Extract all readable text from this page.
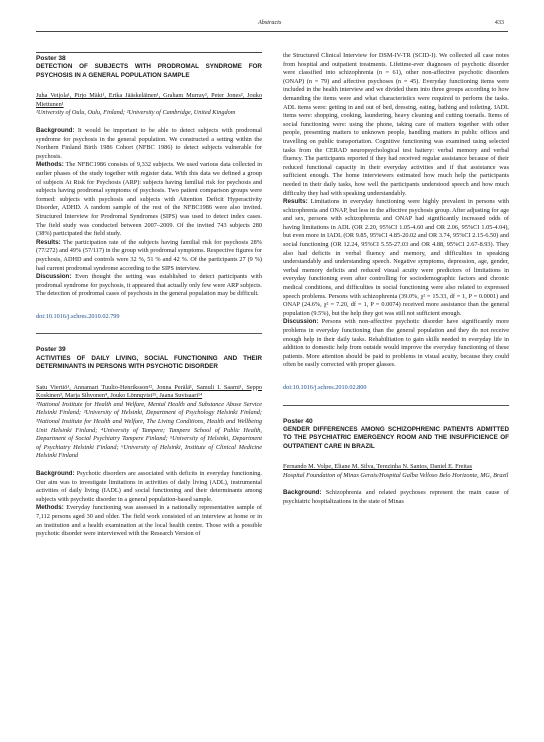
Abstracts	433

Poster 38

DETECTION OF SUBJECTS WITH PRODROMAL SYNDROME FOR PSYCHOSIS IN A GENERAL POPULATION SAMPLE

Juha Veijola¹, Pirjo Mäki¹, Erika Jääskeläinen¹, Graham Murray², Peter Jones², Jouko Miettunen¹

¹University of Oulu, Oulu, Finland; ²University of Cambridge, United Kingdom

Background: It would be important to be able to detect subjects with prodromal syndrome for psychosis in the general population. We constructed a setting within the Northern Finland Birth 1986 Cohort (NFBC 1986) to detect subjects vulnerable for psychosis.

Methods: The NFBC1986 consists of 9,332 subjects. We used various data collected in earlier phases of the study together with register data. With this data we defined a group of subjects At Risk for Psychosis (ARP): subjects having familial risk for psychosis and subjects having prodromal symptoms of psychosis. Two patient comparison groups were formed: subjects with psychosis and subjects with Attention Deficit Hyperactivity Disorder, ADHD. A random sample of the rest of the NFBC1986 were also invited. Structured Interview for Prodromal Syndromes (SIPS) was used to detect index cases. The field study was conducted between 2007–2009. Of the invited 743 subjects 280 (38%) participated the field study.

Results: The participation rate of the subjects having familial risk for psychosis 28% (77/272) and 49% (57/117) in the group with prodromal symptoms. Respective figures for psychosis, ADHD and controls were 32 %, 51 % and 42 %. Of the participants 27 (9 %) had current prodromal syndrome according to the SIPS interview.

Discussion: Even thought the setting was established to detect participants with prodromal syndrome for psychosis, it appeared that actually only few were ARP subjects. The detection of prodromal cases of psychosis in the general population may be difficult.

doi:10.1016/j.schres.2010.02.799

Poster 39

ACTIVITIES OF DAILY LIVING, SOCIAL FUNCTIONING AND THEIR DETERMINANTS IN PERSONS WITH PSYCHOTIC DISORDER

Satu Viertiö¹, Annamari Tuulio-Henriksson¹², Jonna Perälä¹, Samuli I. Saarni¹, Seppo Koskinen³, Marja Sihvonen⁴, Jouko Lönnqvist¹⁵, Jaana Suvisaari¹⁴

¹National Institute for Health and Welfare, Mental Health and Substance Abuse Service Helsinki Finland; ²University of Helsinki, Department of Psychology Helsinki Finland; ³National Institute for Health and Welfare, The Living Conditions, Health and Wellbeing Unit Helsinki Finland; ⁴University of Tampere; Tampere School of Public Health, Department of Social Psychiatry Tampere Finland; ⁵University of Helsinki, Department of Psychiatry Helsinki Finland; ⁶University of Helsinki, Institute of Clinical Medicine Helsinki Finland

Background: Psychotic disorders are associated with deficits in everyday functioning. Our aim was to investigate limitations in activities of daily living (ADL), instrumental activities of daily living (IADL) and social functioning and their determinants among subjects with psychotic disorder in a general population-based sample.

Methods: Everyday functioning was assessed in a nationally representative sample of 7,112 persons aged 30 and older. The field work consisted of an interview at home or in an institution and a health examination at the local health centre. Those with a possible psychotic disorder were interviewed with the Research Version of

the Structured Clinical Interview for DSM-IV-TR (SCID-I). We collected all case notes from hospital and outpatient treatments. Lifetime-ever diagnoses of psychotic disorder were classified into schizophrenia (n = 61), other non-affective psychotic disorders (ONAP) (n = 79) and affective psychoses (n = 45). Everyday functioning items were included in the health interview and we divided them into three groups according to how demanding the items were and what characteristics were required to perform the tasks. ADL items were: getting in and out of bed, dressing, eating, bathing and toileting. IADL items were: shopping, cooking, laundering, heavy cleaning and cutting toenails. Items of social functioning were: using the phone, taking care of matters together with other people, presenting matters to unknown people, handling matters in public offices and travelling on public transportation. Cognitive functioning was examined using selected tasks from the CERAD neuropsychological test battery: verbal memory and verbal fluency. The participants reported if they had received regular assistance because of their reduced functional capacity in their everyday activities and if that assistance was sufficient enough. The home interviewers estimated how much help the participants needed in their daily tasks, how well the participants understood speech and how much difficulty they had with speaking understandably.

Results: Limitations in everyday functioning were highly prevalent in persons with schizophrenia and ONAP, but less in the affective psychosis group. After adjusting for age and sex, persons with schizophrenia and ONAP had significantly increased odds of having limitations in ADL (OR 2.20, 95%CI 1.05-4.60 and OR 2.06, 95%CI 1.05-4.04), but even more in IADL (OR 9.85, 95%CI 4.85-20.02 and OR 3.74, 95%CI 2.15-6.50) and social functioning (OR 12.24, 95%CI 5.55-27.03 and OR 4.88, 95%CI 2.67-8.93). They also had deficits in verbal fluency and memory, and difficulties in speaking understandably and understanding speech. Negative symptoms, depression, age, gender, verbal memory deficits and reduced visual acuity were predictors of limitations in everyday functioning even after controlling for sociodemographic factors and chronic medical conditions, and difficulties in social functioning were also related to expressed speech problems. Persons with schizophrenia (39.0%, χ² = 15.33, df = 1, P = 0.0001) and ONAP (24.6%, χ² = 7.20, df = 1, P = 0.0074) received more assistance than the general population (9.5%), but the help they got was still not sufficient enough.

Discussion: Persons with non-affective psychotic disorder have significantly more problems in everyday functioning than the general population and they do not receive enough help in their daily tasks. Rehabilitation to gain skills needed in everyday life in addition to domestic help from outside would improve the everyday functioning of these patients. More attention should be paid to problems in visual acuity, because they could often be easily corrected with proper glasses.

doi:10.1016/j.schres.2010.02.800

Poster 40

GENDER DIFFERENCES AMONG SCHIZOPHRENIC PATIENTS ADMITTED TO THE PSYCHIATRIC EMERGENCY ROOM AND THE INSUFFICIENCE OF OUTPATIENT CARE IN BRAZIL

Fernando M. Volpe, Eliane M. Silva, Terezinha N. Santos, Daniel E. Freitas

Hospital Foundation of Minas Gerais/Hospital Galba Velloso Belo Horizonte, MG, Brazil

Background: Schizophrenia and related psychoses represent the main cause of psychiatric hospitalizations in the state of Minas
